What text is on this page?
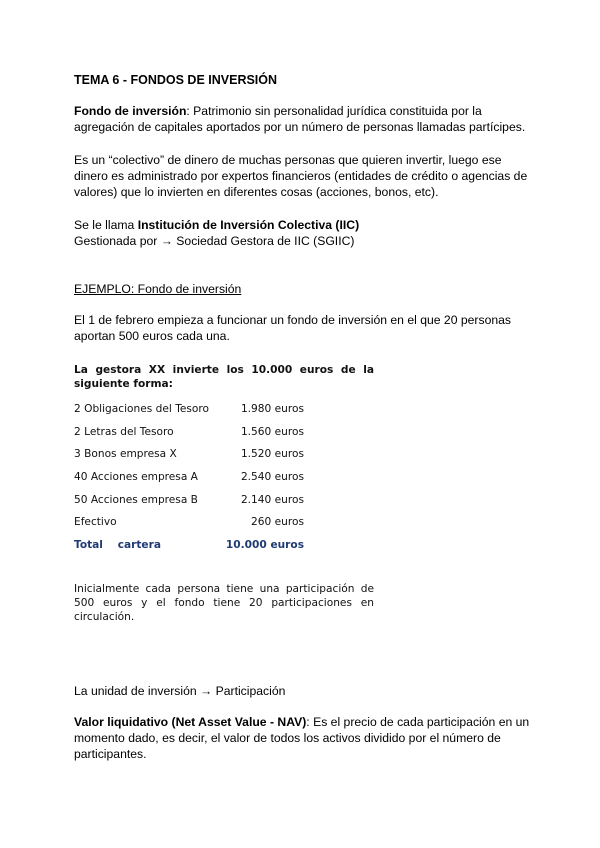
TEMA 6 - FONDOS DE INVERSIÓN
Fondo de inversión: Patrimonio sin personalidad jurídica constituida por la agregación de capitales aportados por un número de personas llamadas partícipes.
Es un “colectivo” de dinero de muchas personas que quieren invertir, luego ese dinero es administrado por expertos financieros (entidades de crédito o agencias de valores) que lo invierten en diferentes cosas (acciones, bonos, etc).
Se le llama Institución de Inversión Colectiva (IIC)
Gestionada por → Sociedad Gestora de IIC (SGIIC)
EJEMPLO: Fondo de inversión
El 1 de febrero empieza a funcionar un fondo de inversión en el que 20 personas aportan 500 euros cada una.
La gestora XX invierte los 10.000 euros de la siguiente forma:
2 Obligaciones del Tesoro	1.980 euros
2 Letras del Tesoro	1.560 euros
3 Bonos empresa X	1.520 euros
40 Acciones empresa A	2.540 euros
50 Acciones empresa B	2.140 euros
Efectivo	260 euros
Total    cartera	10.000 euros
Inicialmente cada persona tiene una participación de 500 euros y el fondo tiene 20 participaciones en circulación.
La unidad de inversión → Participación
Valor liquidativo (Net Asset Value - NAV): Es el precio de cada participación en un momento dado, es decir, el valor de todos los activos dividido por el número de participantes.
